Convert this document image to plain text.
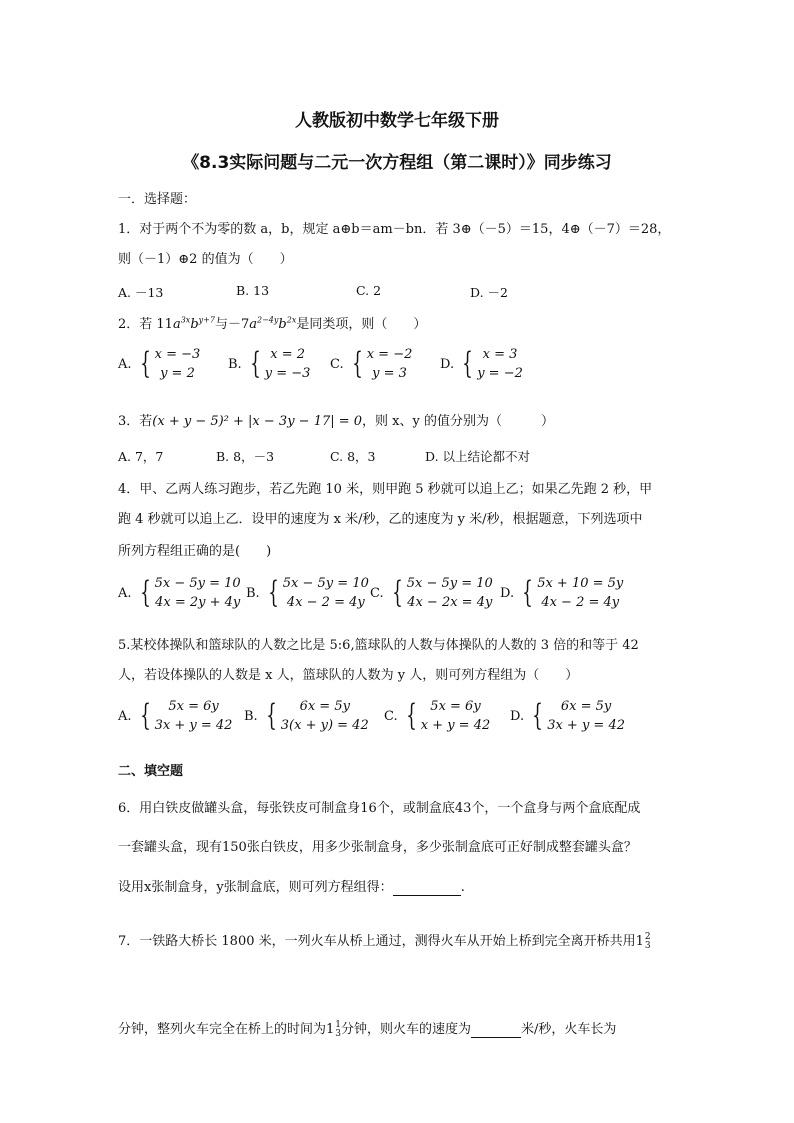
人教版初中数学七年级下册
《8.3实际问题与二元一次方程组（第二课时）》同步练习
一．选择题：
1．对于两个不为零的数 a，b，规定 a⊕b＝am－bn．若 3⊕（－5）＝15，4⊕（－7）＝28，
则（－1）⊕2 的值为（　　）
A. －13	B. 13	C. 2	D. －2
2．若 $11a^{3x}b^{y+7}$与$-7a^{2-4y}b^{2x}$是同类项，则（　　）
A. { x = −3
y = 2
B. { x = 2
y = −3
C. { x = −2
y = 3
D. { x = 3
y = −2
3．若(x + y − 5)² + |x − 3y − 17| = 0，则 x、y 的值分别为（　　　）
A. 7，7	B. 8，－3	C. 8，3	D. 以上结论都不对
4．甲、乙两人练习跑步，若乙先跑 10 米，则甲跑 5 秒就可以追上乙；如果乙先跑 2 秒，甲
跑 4 秒就可以追上乙．设甲的速度为 x 米/秒，乙的速度为 y 米/秒，根据题意，下列选项中
所列方程组正确的是(　　)
A. { 5x − 5y = 10
4x = 2y + 4y
B. { 5x − 5y = 10
4x − 2 = 4y
C. { 5x − 5y = 10
4x − 2x = 4y
D. { 5x + 10 = 5y
4x − 2 = 4y
5.某校体操队和篮球队的人数之比是 5:6,篮球队的人数与体操队的人数的 3 倍的和等于 42
人，若设体操队的人数是 x 人，篮球队的人数为 y 人，则可列方程组为（　　）
A. {	5x = 6y
3x + y = 42
B. {	6x = 5y
3(x + y) = 42
C. {	5x = 6y
x + y = 42
D. {	6x = 5y
3x + y = 42
二、填空题
6．用白铁皮做罐头盒，每张铁皮可制盒身16个，或制盒底43个，一个盒身与两个盒底配成
一套罐头盒，现有150张白铁皮，用多少张制盒身，多少张制盒底可正好制成整套罐头盒？
设用x张制盒身，y张制盒底，则可列方程组得：	.
7．一铁路大桥长 1800 米，一列火车从桥上通过，测得火车从开始上桥到完全离开桥共用1 2
3
分钟，整列火车完全在桥上的时间为1 1
3 分钟，则火车的速度为	米/秒，火车长为
